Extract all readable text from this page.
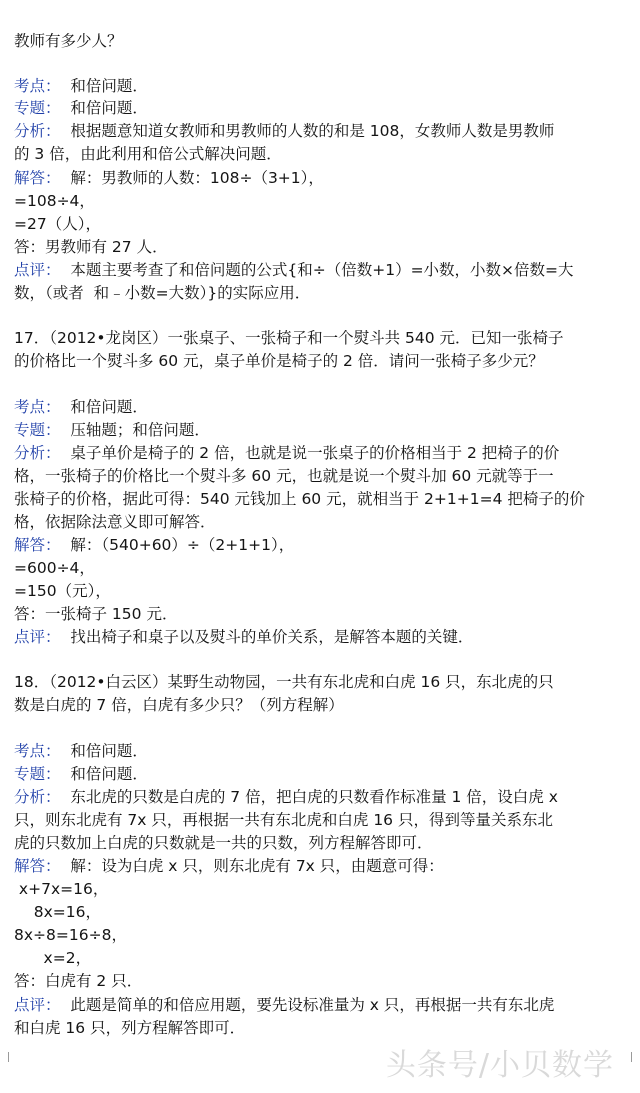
头条号/小贝数学
教师有多少人？
考点：  和倍问题．
专题：  和倍问题．
分析：  根据题意知道女教师和男教师的人数的和是 108，女教师人数是男教师
的 3 倍，由此利用和倍公式解决问题．
解答：  解：男教师的人数：108÷（3+1），
=108÷4，
=27（人），
答：男教师有 27 人．
点评：  本题主要考查了和倍问题的公式{和÷（倍数+1）=小数，小数×倍数=大
数，（或者  和﹣小数=大数）}的实际应用．
17．（2012•龙岗区）一张桌子、一张椅子和一个熨斗共 540 元．已知一张椅子
的价格比一个熨斗多 60 元，桌子单价是椅子的 2 倍．请问一张椅子多少元？
考点：  和倍问题．
专题：  压轴题；和倍问题．
分析：  桌子单价是椅子的 2 倍，也就是说一张桌子的价格相当于 2 把椅子的价
格，一张椅子的价格比一个熨斗多 60 元，也就是说一个熨斗加 60 元就等于一
张椅子的价格，据此可得：540 元钱加上 60 元，就相当于 2+1+1=4 把椅子的价
格，依据除法意义即可解答．
解答：  解：（540+60）÷（2+1+1），
=600÷4，
=150（元），
答：一张椅子 150 元．
点评：  找出椅子和桌子以及熨斗的单价关系，是解答本题的关键．
18．（2012•白云区）某野生动物园，一共有东北虎和白虎 16 只，东北虎的只
数是白虎的 7 倍，白虎有多少只？（列方程解）
考点：  和倍问题．
专题：  和倍问题．
分析：  东北虎的只数是白虎的 7 倍，把白虎的只数看作标准量 1 倍，设白虎 x
只，则东北虎有 7x 只，再根据一共有东北虎和白虎 16 只，得到等量关系东北
虎的只数加上白虎的只数就是一共的只数，列方程解答即可．
解答：  解：设为白虎 x 只，则东北虎有 7x 只，由题意可得：
x+7x=16，
8x=16，
8x÷8=16÷8，
x=2，
答：白虎有 2 只．
点评：  此题是简单的和倍应用题，要先设标准量为 x 只，再根据一共有东北虎
和白虎 16 只，列方程解答即可．
